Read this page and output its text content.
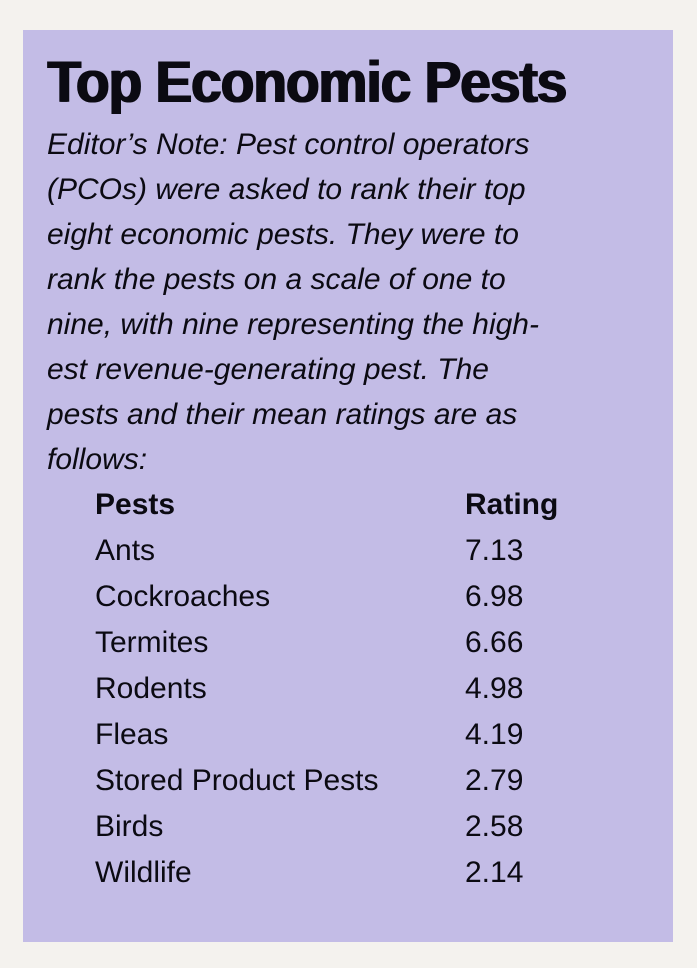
Top Economic Pests

Editor’s Note: Pest control operators
(PCOs) were asked to rank their top
eight economic pests. They were to
rank the pests on a scale of one to
nine, with nine representing the high-
est revenue-generating pest. The
pests and their mean ratings are as
follows:

Pests	Rating
Ants	7.13
Cockroaches	6.98
Termites	6.66
Rodents	4.98
Fleas	4.19
Stored Product Pests	2.79
Birds	2.58
Wildlife	2.14
